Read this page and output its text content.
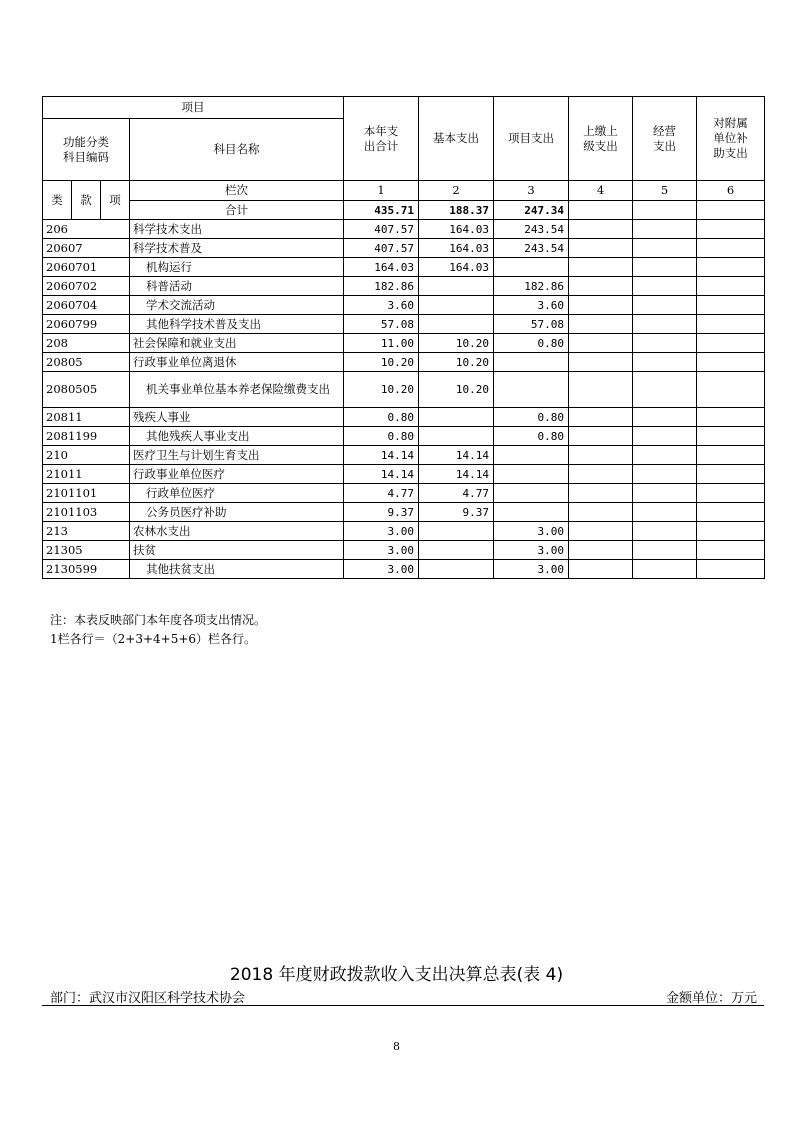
项目				本年支出合计	基本支出	项目支出	上缴上级支出	经营支出	对附属单位补助支出

功能分类科目编码			科目名称						
类	款	项	栏次	1	2	3	4	5	6
			合计	435.71	188.37	247.34			
206			科学技术支出	407.57	164.03	243.54			
20607			科学技术普及	407.57	164.03	243.54			
2060701			机构运行	164.03	164.03				
2060702			科普活动	182.86		182.86			
2060704			学术交流活动	3.60		3.60			
2060799			其他科学技术普及支出	57.08		57.08			
208			社会保障和就业支出	11.00	10.20	0.80			
20805			行政事业单位离退休	10.20	10.20				
2080505			机关事业单位基本养老保险缴费支出	10.20	10.20				
20811			残疾人事业	0.80		0.80			
2081199			其他残疾人事业支出	0.80		0.80			
210			医疗卫生与计划生育支出	14.14	14.14				
21011			行政事业单位医疗	14.14	14.14				
2101101			行政单位医疗	4.77	4.77				
2101103			公务员医疗补助	9.37	9.37				
213			农林水支出	3.00		3.00			
21305			扶贫	3.00		3.00			
2130599			其他扶贫支出	3.00		3.00			
注：本表反映部门本年度各项支出情况。
1栏各行＝（2+3+4+5+6）栏各行。
2018 年度财政拨款收入支出决算总表(表 4)
部门：武汉市汉阳区科学技术协会	金额单位：万元
8
